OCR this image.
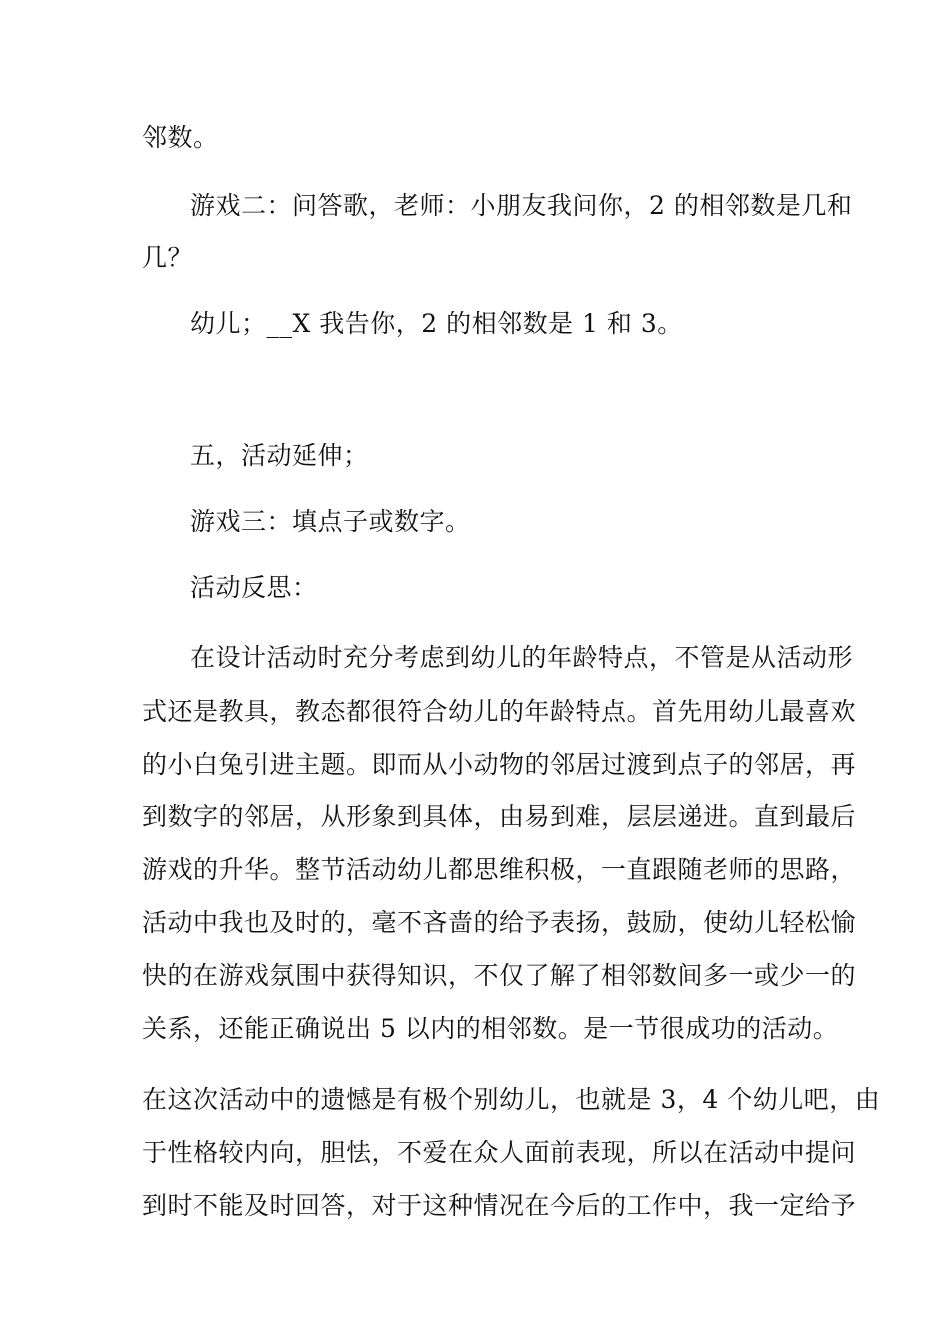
邻数。
游戏二：问答歌，老师：小朋友我问你，2 的相邻数是几和
几？
幼儿；__X 我告你，2 的相邻数是 1 和 3。
五，活动延伸；
游戏三：填点子或数字。
活动反思：
在设计活动时充分考虑到幼儿的年龄特点，不管是从活动形
式还是教具，教态都很符合幼儿的年龄特点。首先用幼儿最喜欢
的小白兔引进主题。即而从小动物的邻居过渡到点子的邻居，再
到数字的邻居，从形象到具体，由易到难，层层递进。直到最后
游戏的升华。整节活动幼儿都思维积极，一直跟随老师的思路，
活动中我也及时的，毫不吝啬的给予表扬，鼓励，使幼儿轻松愉
快的在游戏氛围中获得知识，不仅了解了相邻数间多一或少一的
关系，还能正确说出 5 以内的相邻数。是一节很成功的活动。
在这次活动中的遗憾是有极个别幼儿，也就是 3，4 个幼儿吧，由
于性格较内向，胆怯，不爱在众人面前表现，所以在活动中提问
到时不能及时回答，对于这种情况在今后的工作中，我一定给予
